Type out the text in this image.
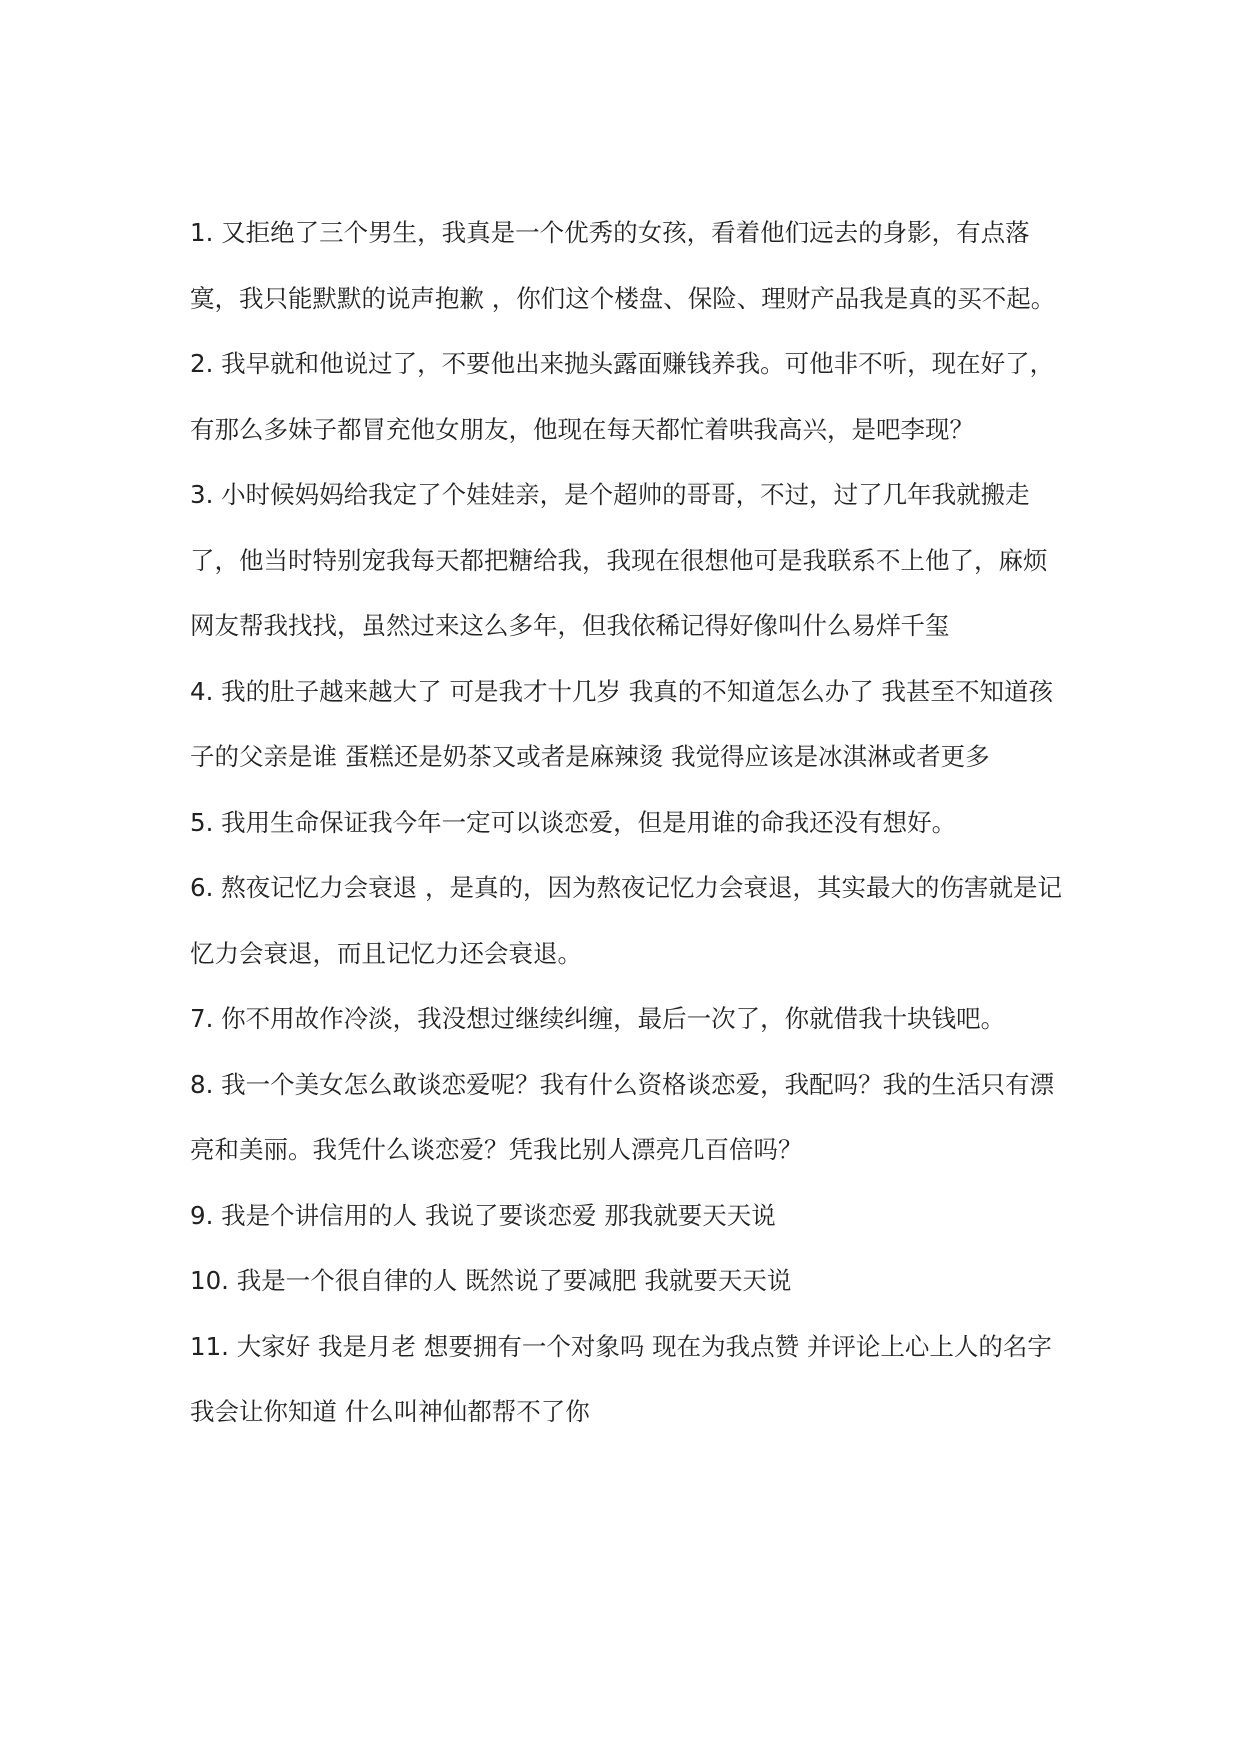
1. 又拒绝了三个男生，我真是一个优秀的女孩，看着他们远去的身影，有点落寞，我只能默默的说声抱歉 ，你们这个楼盘、保险、理财产品我是真的买不起。

2. 我早就和他说过了，不要他出来抛头露面赚钱养我。可他非不听，现在好了，有那么多妹子都冒充他女朋友，他现在每天都忙着哄我高兴，是吧李现？

3. 小时候妈妈给我定了个娃娃亲，是个超帅的哥哥，不过，过了几年我就搬走了，他当时特别宠我每天都把糖给我，我现在很想他可是我联系不上他了，麻烦网友帮我找找，虽然过来这么多年，但我依稀记得好像叫什么易烊千玺

4. 我的肚子越来越大了 可是我才十几岁 我真的不知道怎么办了 我甚至不知道孩子的父亲是谁 蛋糕还是奶茶又或者是麻辣烫 我觉得应该是冰淇淋或者更多

5. 我用生命保证我今年一定可以谈恋爱，但是用谁的命我还没有想好。

6. 熬夜记忆力会衰退 ，是真的，因为熬夜记忆力会衰退，其实最大的伤害就是记忆力会衰退，而且记忆力还会衰退。

7. 你不用故作冷淡，我没想过继续纠缠，最后一次了，你就借我十块钱吧。

8. 我一个美女怎么敢谈恋爱呢？我有什么资格谈恋爱，我配吗？我的生活只有漂亮和美丽。我凭什么谈恋爱？凭我比别人漂亮几百倍吗？

9. 我是个讲信用的人 我说了要谈恋爱 那我就要天天说

10. 我是一个很自律的人 既然说了要减肥 我就要天天说

11. 大家好 我是月老 想要拥有一个对象吗 现在为我点赞 并评论上心上人的名字 我会让你知道 什么叫神仙都帮不了你
